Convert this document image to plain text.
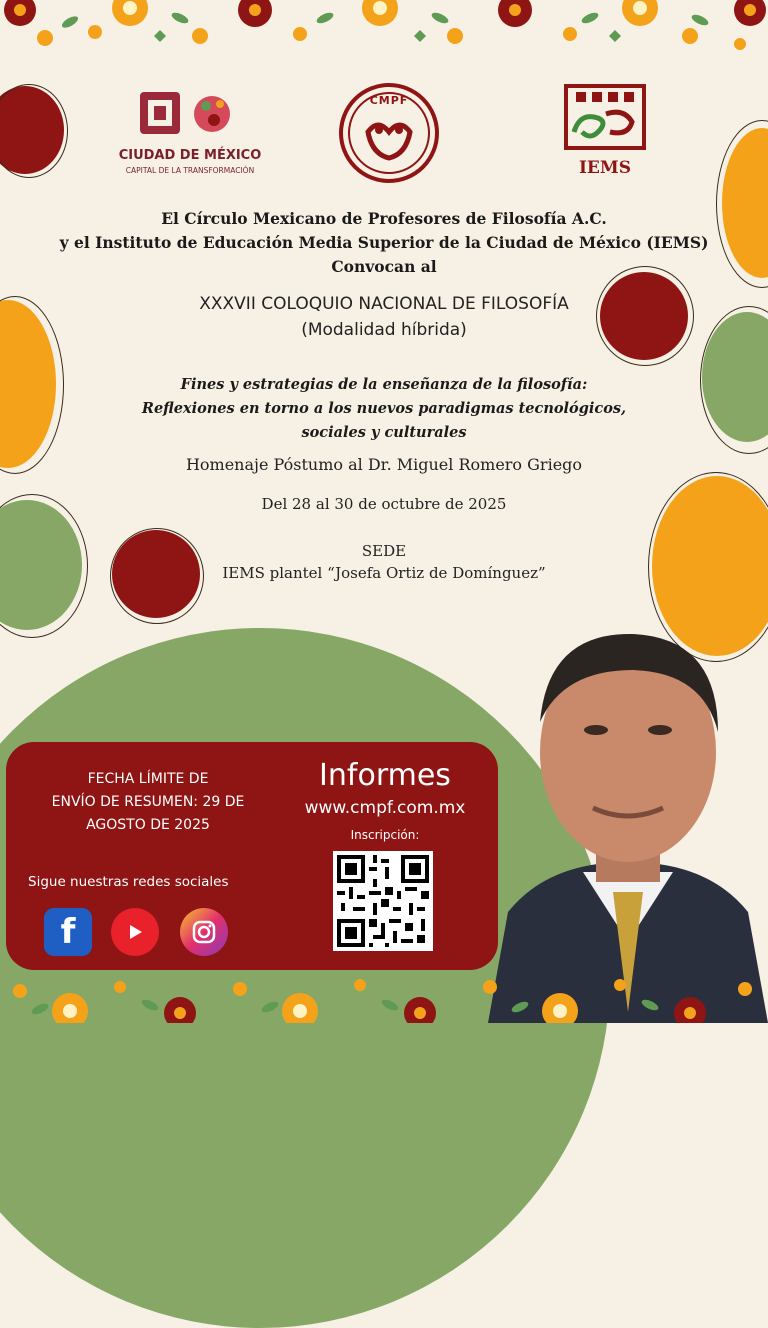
CIUDAD DE MÉXICO
CAPITAL DE LA TRANSFORMACIÓN
CMPF
IEMS
El Círculo Mexicano de Profesores de Filosofía A.C.
y el Instituto de Educación Media Superior de la Ciudad de México (IEMS)
Convocan al
XXXVII COLOQUIO NACIONAL DE FILOSOFÍA
(Modalidad híbrida)
Fines y estrategias de la enseñanza de la filosofía:
Reflexiones en torno a los nuevos paradigmas tecnológicos,
sociales y culturales
Homenaje Póstumo al Dr. Miguel Romero Griego
Del 28 al 30 de octubre de 2025
SEDE
IEMS plantel “Josefa Ortiz de Domínguez”
FECHA LÍMITE DE
ENVÍO DE RESUMEN: 29 DE
AGOSTO DE 2025
Sigue nuestras redes sociales
f
Informes
www.cmpf.com.mx
Inscripción:
